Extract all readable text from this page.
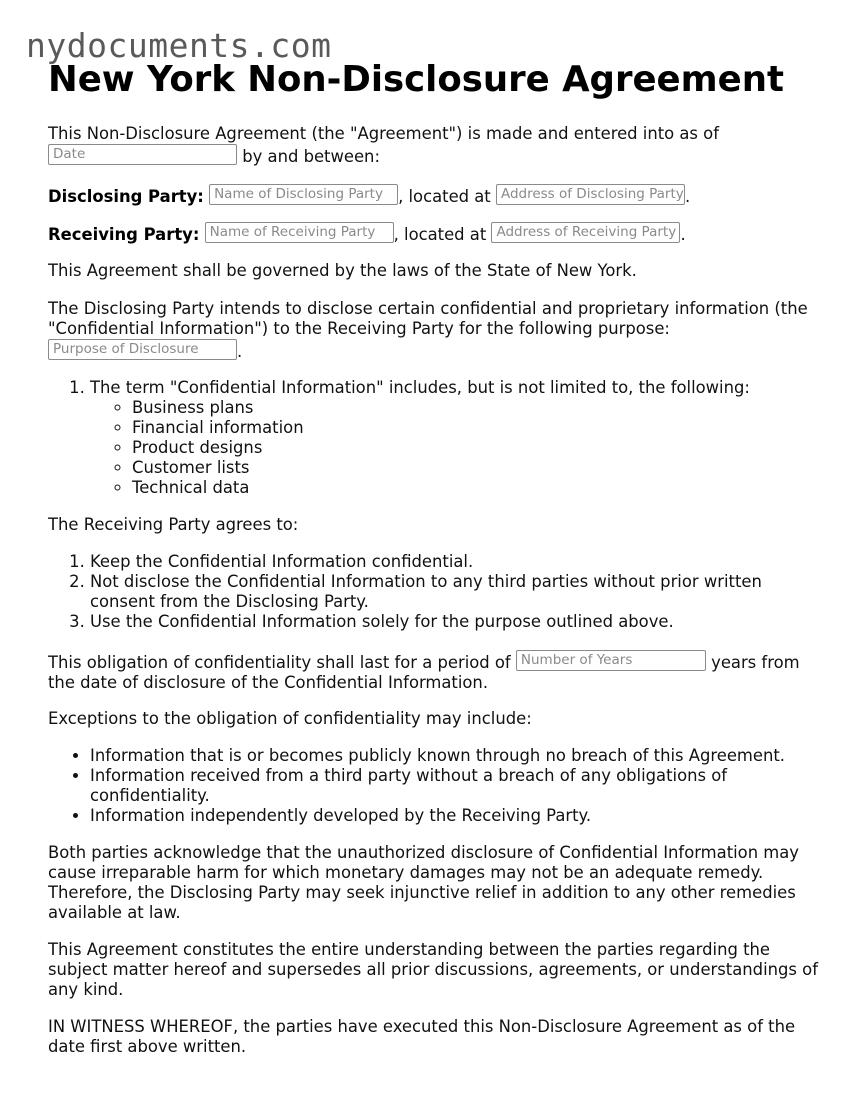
nydocuments.com
New York Non-Disclosure Agreement

This Non-Disclosure Agreement (the "Agreement") is made and entered into as of
Date	by and between:

Disclosing Party: Name of Disclosing Party , located at Address of Disclosing Party.

Receiving Party: Name of Receiving Party , located at Address of Receiving Party .

This Agreement shall be governed by the laws of the State of New York.

The Disclosing Party intends to disclose certain confidential and proprietary information (the "Confidential Information") to the Receiving Party for the following purpose:
Purpose of Disclosure .

1. The term "Confidential Information" includes, but is not limited to, the following:
◦ Business plans
◦ Financial information
◦ Product designs
◦ Customer lists
◦ Technical data

The Receiving Party agrees to:

1. Keep the Confidential Information confidential.
2. Not disclose the Confidential Information to any third parties without prior written consent from the Disclosing Party.
3. Use the Confidential Information solely for the purpose outlined above.

This obligation of confidentiality shall last for a period of Number of Years	years from the date of disclosure of the Confidential Information.

Exceptions to the obligation of confidentiality may include:

• Information that is or becomes publicly known through no breach of this Agreement.
• Information received from a third party without a breach of any obligations of confidentiality.
• Information independently developed by the Receiving Party.

Both parties acknowledge that the unauthorized disclosure of Confidential Information may cause irreparable harm for which monetary damages may not be an adequate remedy. Therefore, the Disclosing Party may seek injunctive relief in addition to any other remedies available at law.

This Agreement constitutes the entire understanding between the parties regarding the subject matter hereof and supersedes all prior discussions, agreements, or understandings of any kind.

IN WITNESS WHEREOF, the parties have executed this Non-Disclosure Agreement as of the date first above written.
